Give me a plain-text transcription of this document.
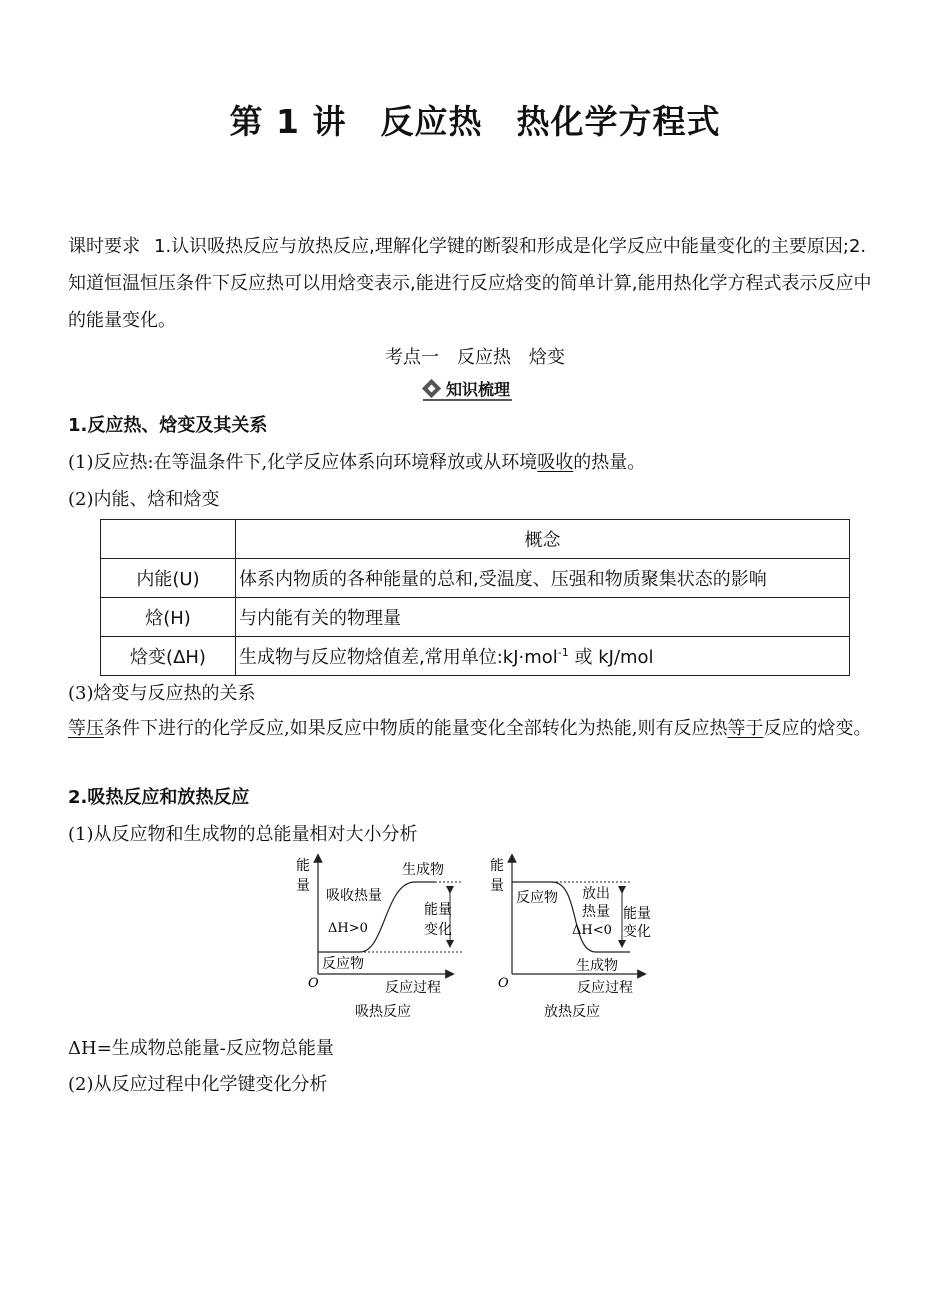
第 1 讲　反应热　热化学方程式
课时要求 1.认识吸热反应与放热反应,理解化学键的断裂和形成是化学反应中能量变化的主要原因;2.知道恒温恒压条件下反应热可以用焓变表示,能进行反应焓变的简单计算,能用热化学方程式表示反应中的能量变化。
考点一　反应热　焓变
知识梳理
1.反应热、焓变及其关系
(1)反应热:在等温条件下,化学反应体系向环境释放或从环境吸收的热量。
(2)内能、焓和焓变
	概念
内能(U)	体系内物质的各种能量的总和,受温度、压强和物质聚集状态的影响
焓(H)	与内能有关的物理量
焓变(ΔH)	生成物与反应物焓值差,常用单位:kJ·mol$^{-1}$ 或 kJ/mol
(3)焓变与反应热的关系
等压条件下进行的化学反应,如果反应中物质的能量变化全部转化为热能,则有反应热等于反应的焓变。
2.吸热反应和放热反应
(1)从反应物和生成物的总能量相对大小分析
能
量
O	反应过程
生成物
吸收热量
ΔH>0
能量
变化
反应物
吸热反应
能
量
O	反应过程
反应物 放出
热量
ΔH<0
能量
变化
生成物
放热反应
ΔH=生成物总能量-反应物总能量
(2)从反应过程中化学键变化分析
